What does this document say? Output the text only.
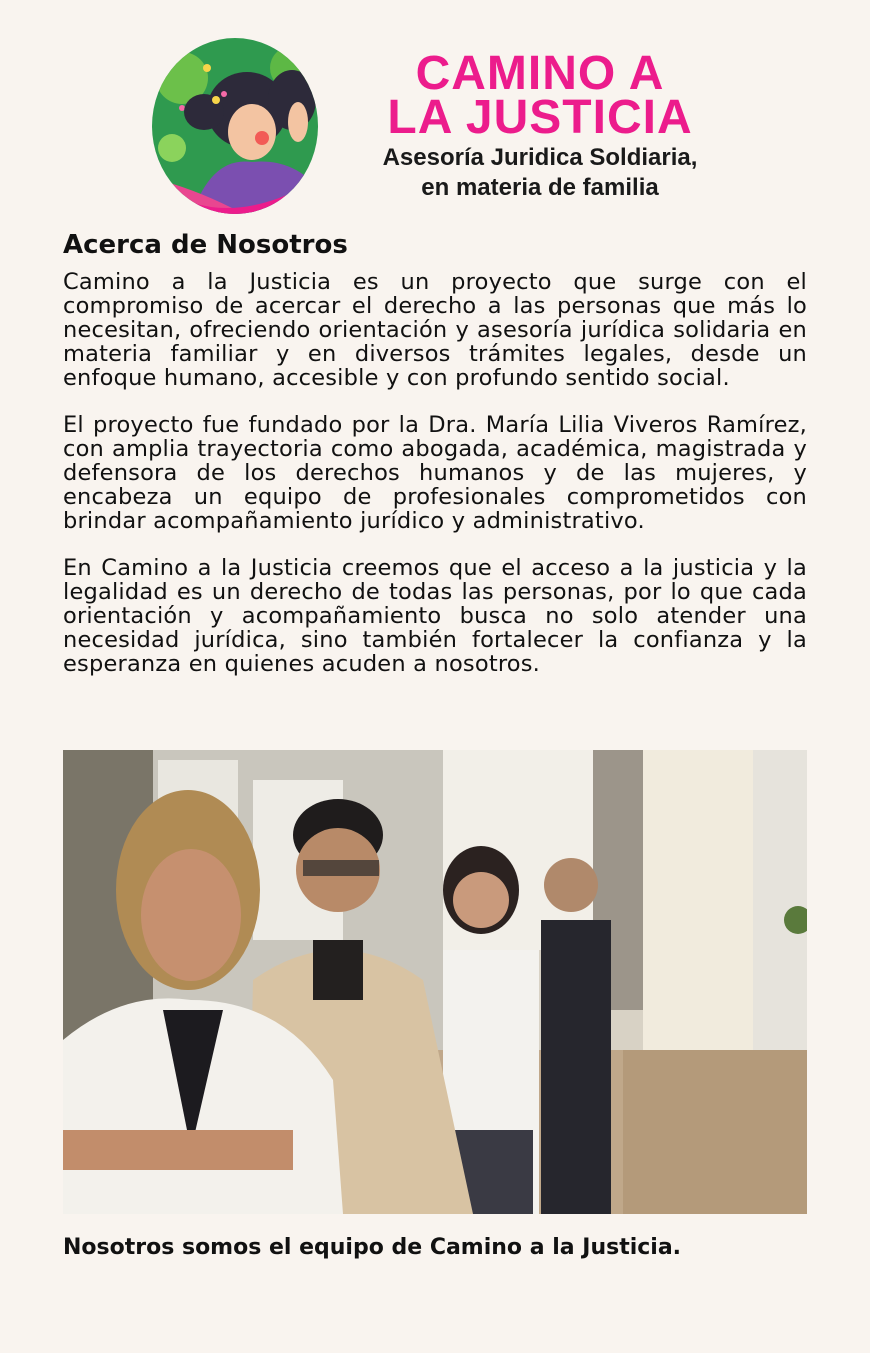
CAMINO A
LA JUSTICIA
Asesoría Juridica Soldiaria,
en materia de familia
Acerca de Nosotros

Camino a la Justicia es un proyecto que surge con el compromiso de acercar el derecho a las personas que más lo necesitan, ofreciendo orientación y asesoría jurídica solidaria en materia familiar y en diversos trámites legales, desde un enfoque humano, accesible y con profundo sentido social.

El proyecto fue fundado por la Dra. María Lilia Viveros Ramírez, con amplia trayectoria como abogada, académica, magistrada y defensora de los derechos humanos y de las mujeres, y encabeza un equipo de profesionales comprometidos con brindar acompañamiento jurídico y administrativo.

En Camino a la Justicia creemos que el acceso a la justicia y la legalidad es un derecho de todas las personas, por lo que cada orientación y acompañamiento busca no solo atender una necesidad jurídica, sino también fortalecer la confianza y la esperanza en quienes acuden a nosotros.

Nosotros somos el equipo de Camino a la Justicia.
